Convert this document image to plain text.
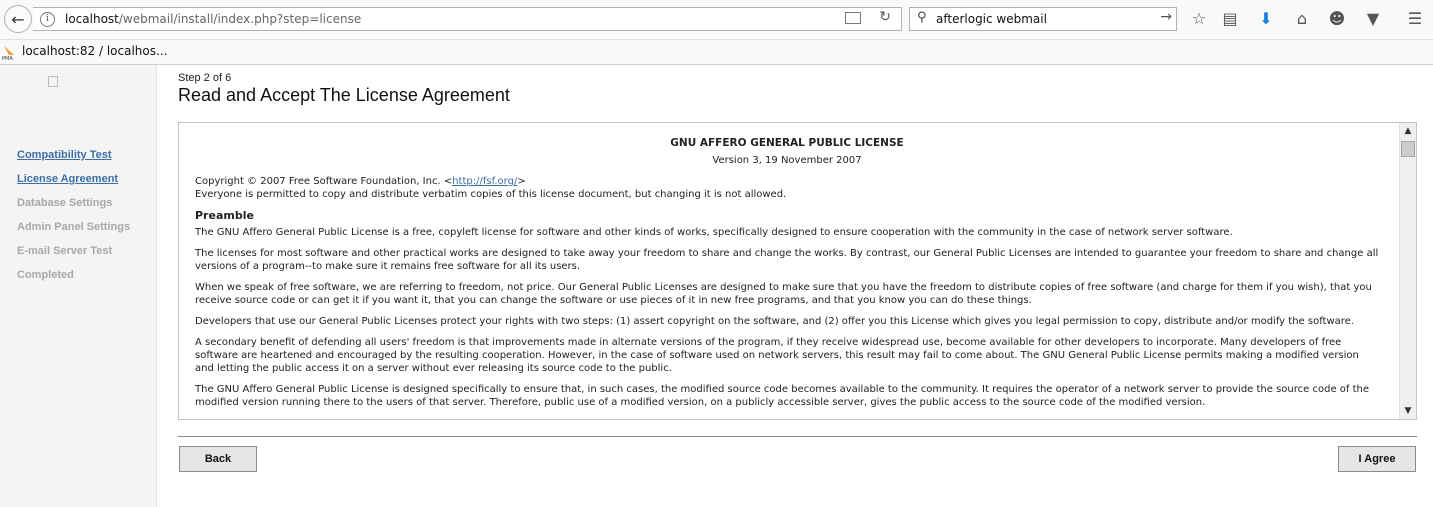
←	i	localhost/webmail/install/index.php?step=license	↻ ⚲ afterlogic webmail	→ ☆ ▤ ⬇	⌂	☻ ▼ ☰
PMA
localhost:82 / localhos...
Compatibility Test
License Agreement
Database Settings
Admin Panel Settings
E-mail Server Test
Completed
Step 2 of 6
Read and Accept The License Agreement
GNU AFFERO GENERAL PUBLIC LICENSE
Version 3, 19 November 2007
Copyright © 2007 Free Software Foundation, Inc. <http://fsf.org/>
Everyone is permitted to copy and distribute verbatim copies of this license document, but changing it is not allowed.
Preamble

The GNU Affero General Public License is a free, copyleft license for software and other kinds of works, specifically designed to ensure cooperation with the community in the case of network server software.

The licenses for most software and other practical works are designed to take away your freedom to share and change the works. By contrast, our General Public Licenses are intended to guarantee your freedom to share and change all versions of a program--to make sure it remains free software for all its users.

When we speak of free software, we are referring to freedom, not price. Our General Public Licenses are designed to make sure that you have the freedom to distribute copies of free software (and charge for them if you wish), that you receive source code or can get it if you want it, that you can change the software or use pieces of it in new free programs, and that you know you can do these things.

Developers that use our General Public Licenses protect your rights with two steps: (1) assert copyright on the software, and (2) offer you this License which gives you legal permission to copy, distribute and/or modify the software.

A secondary benefit of defending all users' freedom is that improvements made in alternate versions of the program, if they receive widespread use, become available for other developers to incorporate. Many developers of free software are heartened and encouraged by the resulting cooperation. However, in the case of software used on network servers, this result may fail to come about. The GNU General Public License permits making a modified version and letting the public access it on a server without ever releasing its source code to the public.

The GNU Affero General Public License is designed specifically to ensure that, in such cases, the modified source code becomes available to the community. It requires the operator of a network server to provide the source code of the modified version running there to the users of that server. Therefore, public use of a modified version, on a publicly accessible server, gives the public access to the source code of the modified version.

▲
▼
Back	I Agree
